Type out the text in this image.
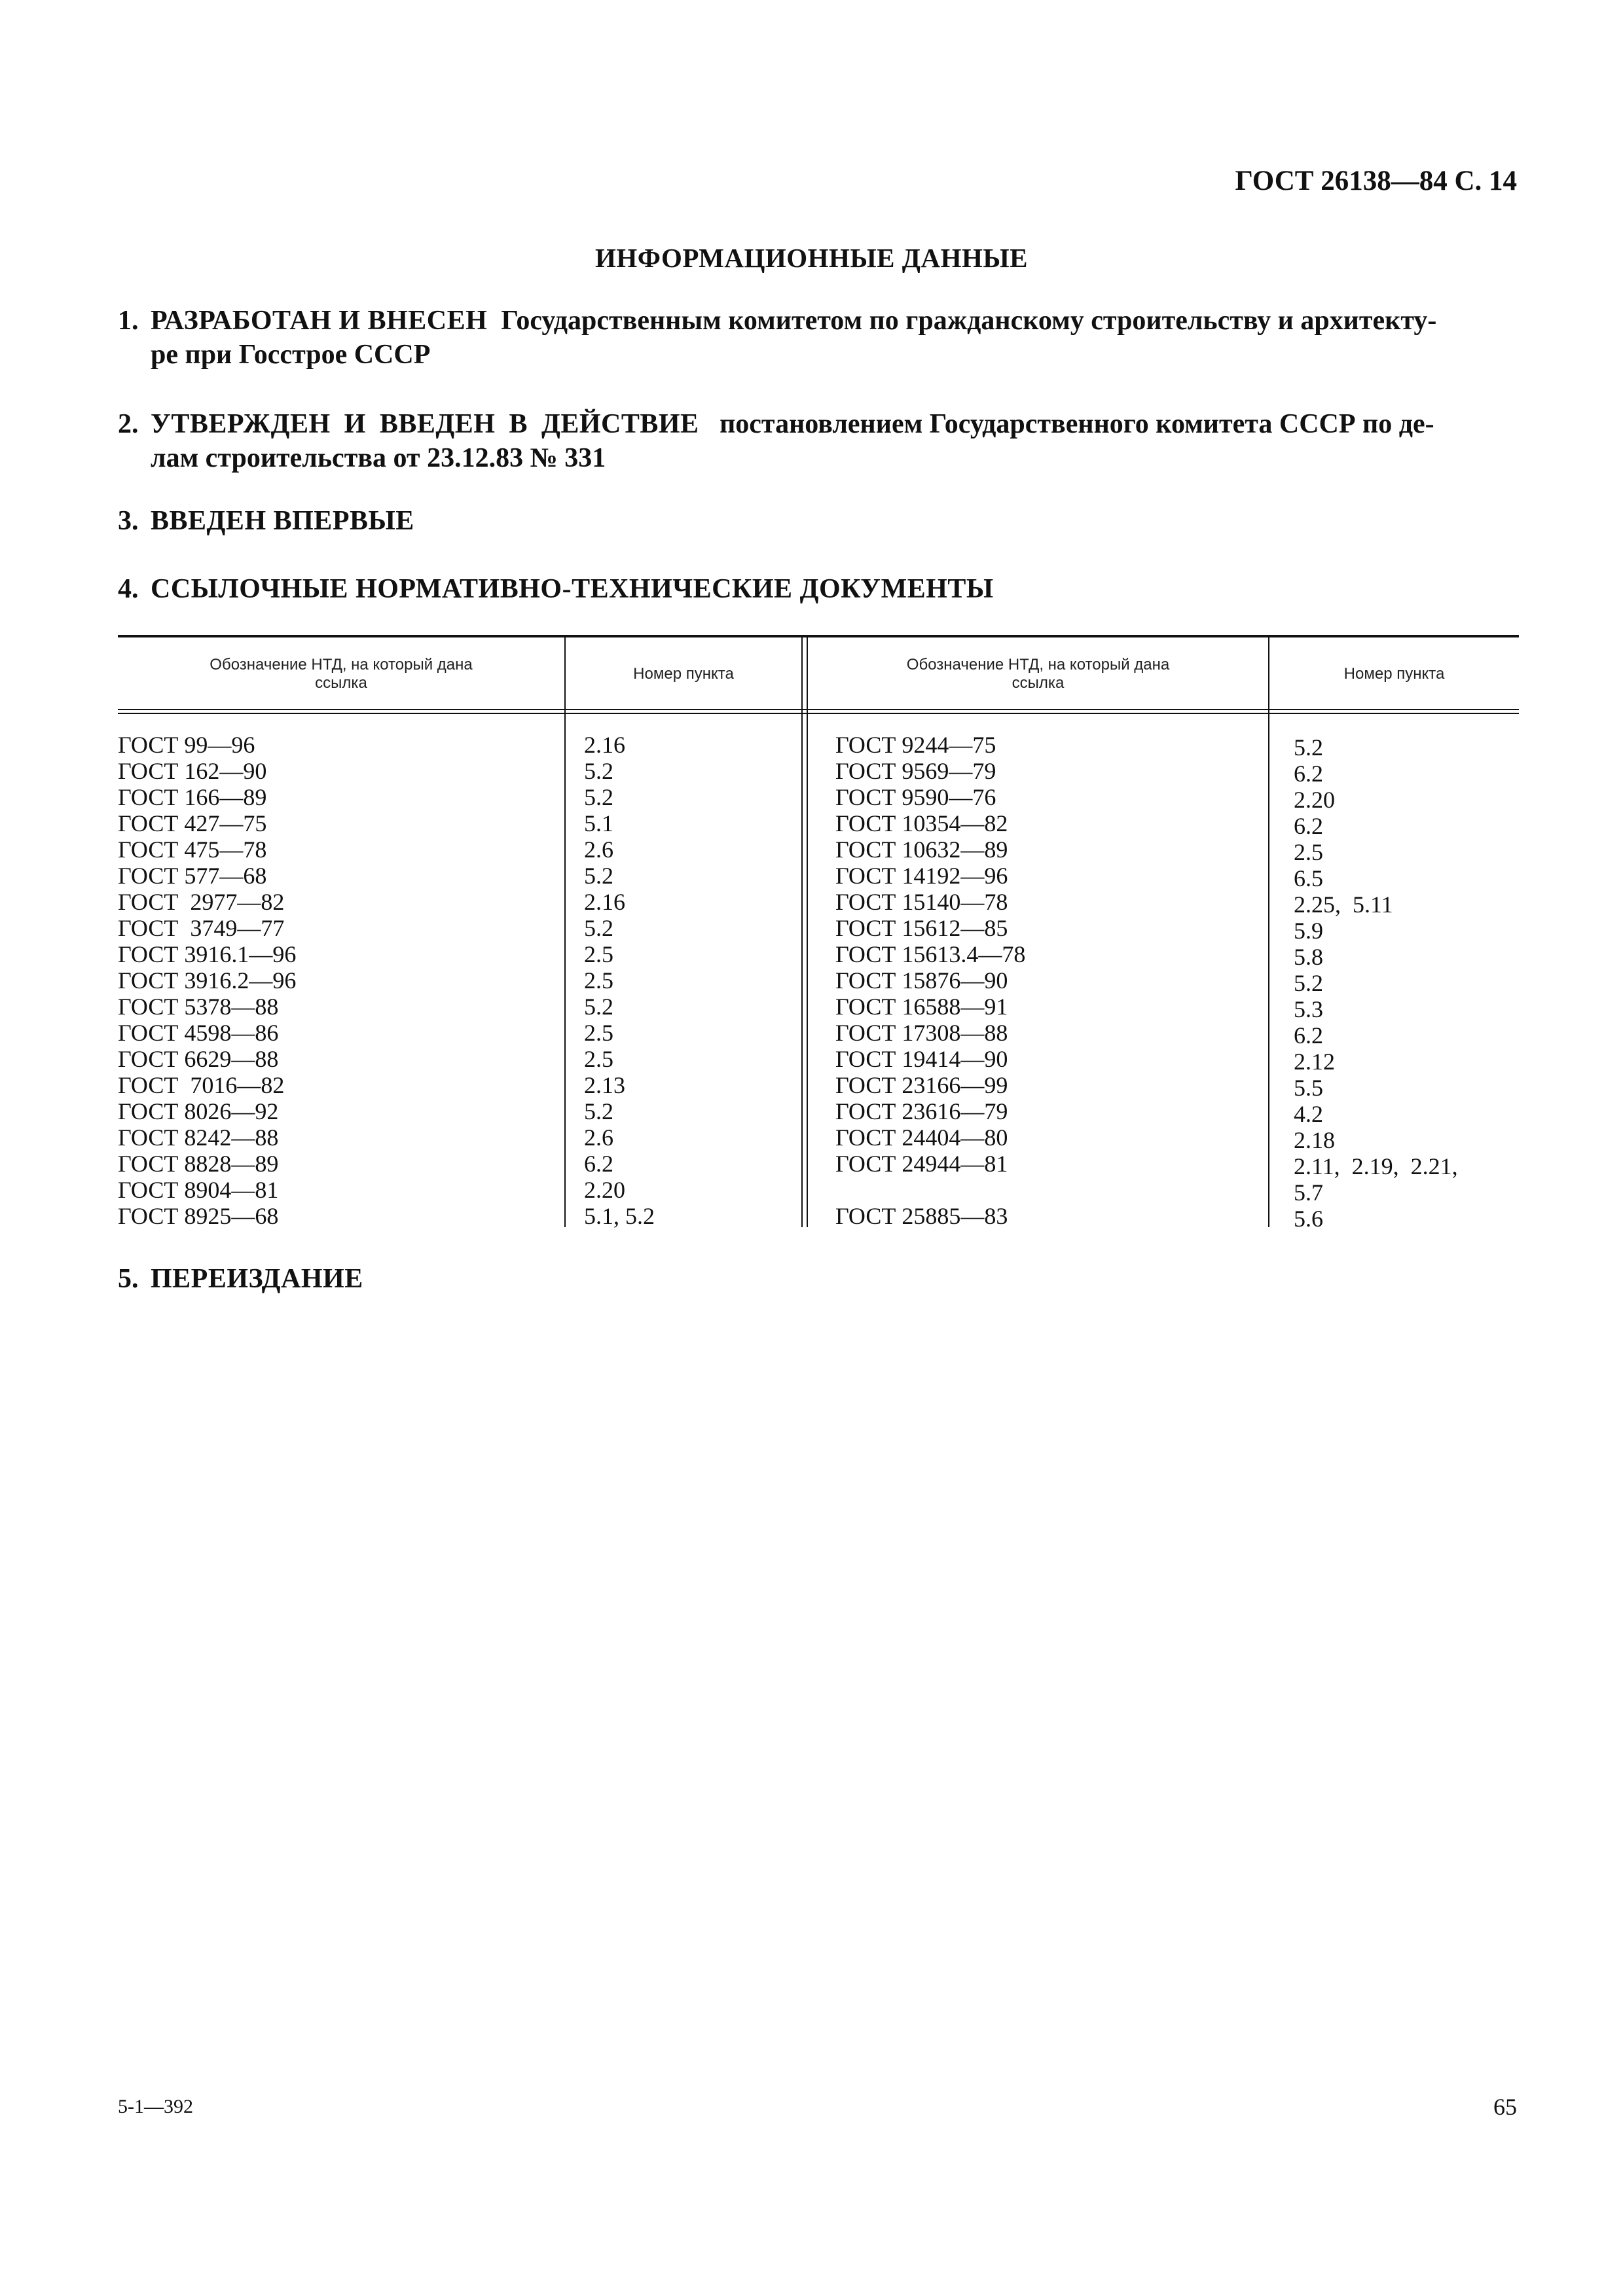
ГОСТ 26138—84 С. 14
ИНФОРМАЦИОННЫЕ ДАННЫЕ
1. РАЗРАБОТАН И ВНЕСЕН Государственным комитетом по гражданскому строительству и архитекту-
ре при Госстрое СССР
2. УТВЕРЖДЕН И ВВЕДЕН В ДЕЙСТВИЕ постановлением Государственного комитета СССР по де-
лам строительства от 23.12.83 № 331
3. ВВЕДЕН ВПЕРВЫЕ
4. ССЫЛОЧНЫЕ НОРМАТИВНО-ТЕХНИЧЕСКИЕ ДОКУМЕНТЫ
Обозначение НТД, на который дана
ссылка
Номер пункта
Обозначение НТД, на который дана
ссылка
Номер пункта
ГОСТ 99—96
ГОСТ 162—90
ГОСТ 166—89
ГОСТ 427—75
ГОСТ 475—78
ГОСТ 577—68
ГОСТ  2977—82
ГОСТ  3749—77
ГОСТ 3916.1—96
ГОСТ 3916.2—96
ГОСТ 5378—88
ГОСТ 4598—86
ГОСТ 6629—88
ГОСТ  7016—82
ГОСТ 8026—92
ГОСТ 8242—88
ГОСТ 8828—89
ГОСТ 8904—81
ГОСТ 8925—68
2.16
5.2
5.2
5.1
2.6
5.2
2.16
5.2
2.5
2.5
5.2
2.5
2.5
2.13
5.2
2.6
6.2
2.20
5.1, 5.2
ГОСТ 9244—75
ГОСТ 9569—79
ГОСТ 9590—76
ГОСТ 10354—82
ГОСТ 10632—89
ГОСТ 14192—96
ГОСТ 15140—78
ГОСТ 15612—85
ГОСТ 15613.4—78
ГОСТ 15876—90
ГОСТ 16588—91
ГОСТ 17308—88
ГОСТ 19414—90
ГОСТ 23166—99
ГОСТ 23616—79
ГОСТ 24404—80
ГОСТ 24944—81
ГОСТ 25885—83
5.2
6.2
2.20
6.2
2.5
6.5
2.25,  5.11
5.9
5.8
5.2
5.3
6.2
2.12
5.5
4.2
2.18
2.11,  2.19,  2.21,
5.7
5.6
5. ПЕРЕИЗДАНИЕ
5-1—392	65
